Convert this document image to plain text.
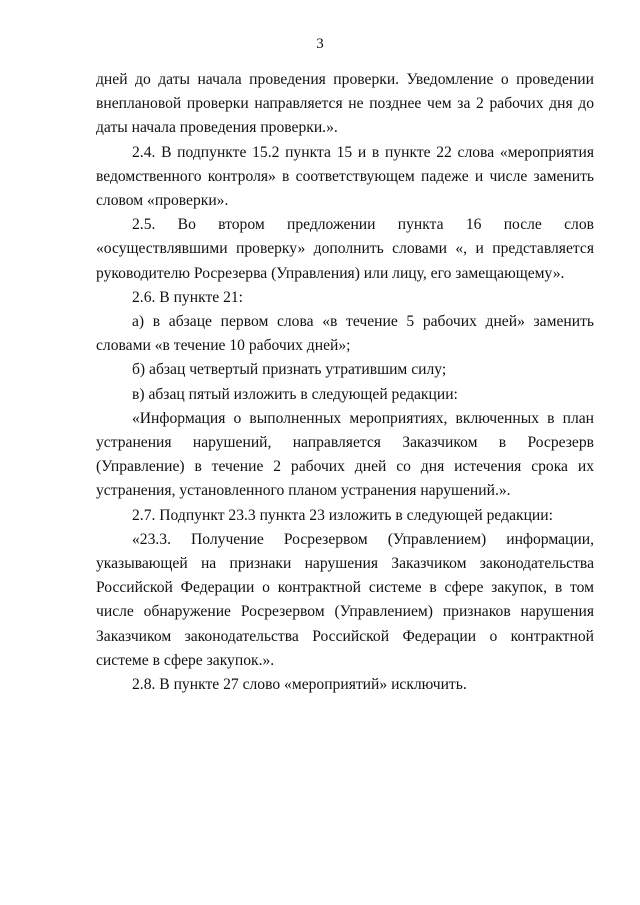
3

дней до даты начала проведения проверки. Уведомление о проведении внеплановой проверки направляется не позднее чем за 2 рабочих дня до даты начала проведения проверки.».

2.4. В подпункте 15.2 пункта 15 и в пункте 22 слова «мероприятия ведомственного контроля» в соответствующем падеже и числе заменить словом «проверки».

2.5. Во втором предложении пункта 16 после слов «осуществлявшими проверку» дополнить словами «, и представляется руководителю Росрезерва (Управления) или лицу, его замещающему».

2.6. В пункте 21:

а) в абзаце первом слова «в течение 5 рабочих дней» заменить словами «в течение 10 рабочих дней»;

б) абзац четвертый признать утратившим силу;

в) абзац пятый изложить в следующей редакции:

«Информация о выполненных мероприятиях, включенных в план устранения нарушений, направляется Заказчиком в Росрезерв (Управление) в течение 2 рабочих дней со дня истечения срока их устранения, установленного планом устранения нарушений.».

2.7. Подпункт 23.3 пункта 23 изложить в следующей редакции:

«23.3. Получение Росрезервом (Управлением) информации, указывающей на признаки нарушения Заказчиком законодательства Российской Федерации о контрактной системе в сфере закупок, в том числе обнаружение Росрезервом (Управлением) признаков нарушения Заказчиком законодательства Российской Федерации о контрактной системе в сфере закупок.».

2.8. В пункте 27 слово «мероприятий» исключить.
